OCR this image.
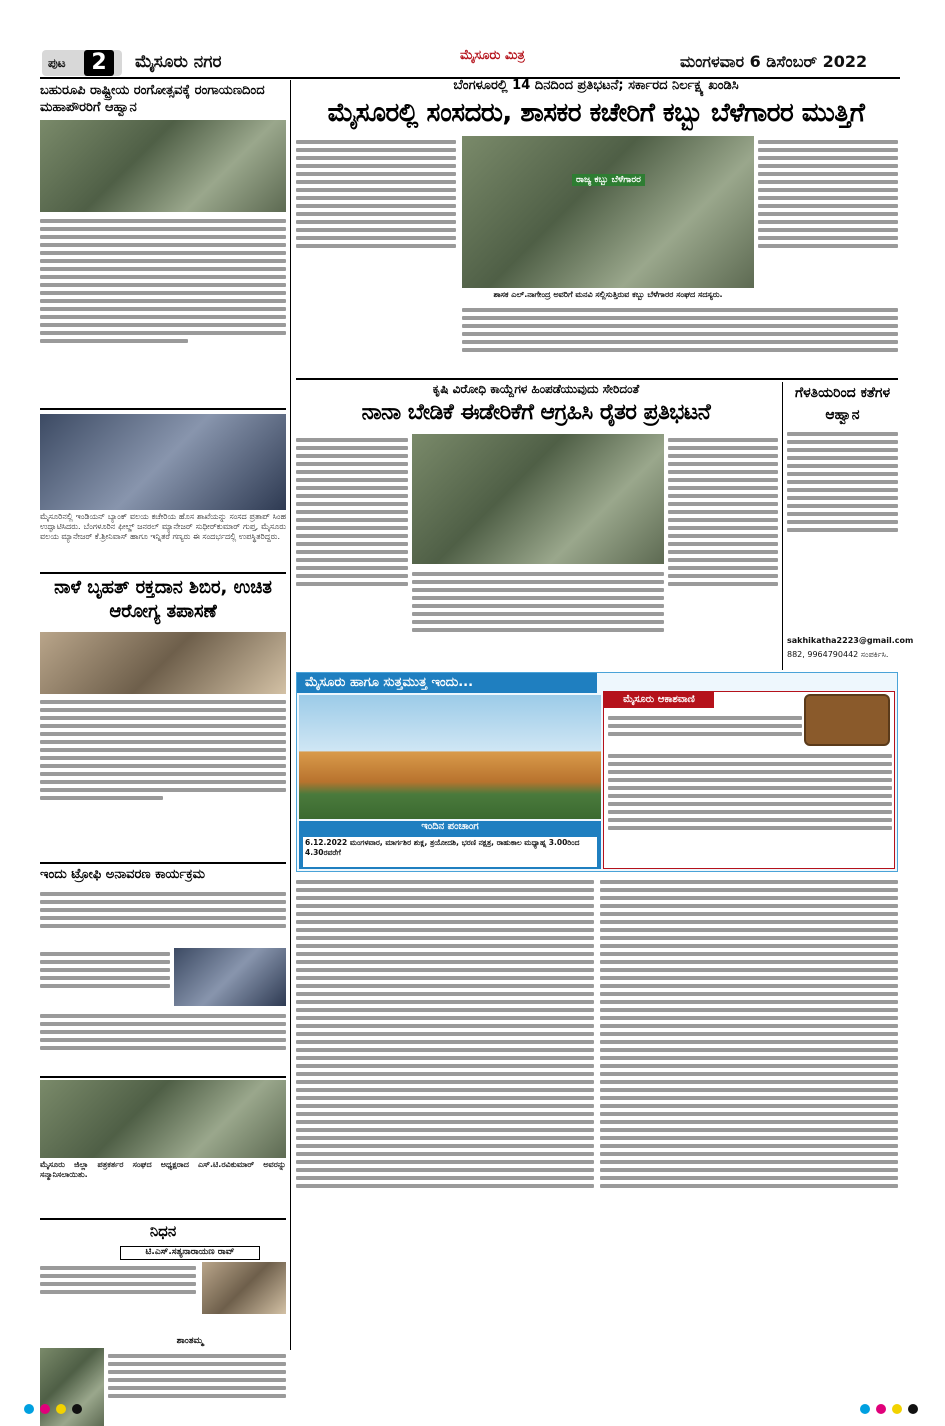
ಪುಟ	2	ಮೈಸೂರು ನಗರ	ಮೈಸೂರು ಮಿತ್ರ	ಮಂಗಳವಾರ 6 ಡಿಸೆಂಬರ್ 2022
ಬಹುರೂಪಿ ರಾಷ್ಟ್ರೀಯ ರಂಗೋತ್ಸವಕ್ಕೆ ರಂಗಾಯಣದಿಂದ ಮಹಾಪೌರರಿಗೆ ಆಹ್ವಾನ
ಮೈಸೂರಿನಲ್ಲಿ ಇಂಡಿಯನ್ ಬ್ಯಾಂಕ್ ವಲಯ ಕಚೇರಿಯ ಹೊಸ ಶಾಖೆಯನ್ನು ಸಂಸದ ಪ್ರತಾಪ್ ಸಿಂಹ ಉದ್ಘಾಟಿಸಿದರು. ಬೆಂಗಳೂರಿನ ಫೀಲ್ಡ್ ಜನರಲ್ ಮ್ಯಾನೇಜರ್ ಸುಧೀರ್‌ಕುಮಾರ್ ಗುಪ್ತ, ಮೈಸೂರು ವಲಯ ಮ್ಯಾನೇಜರ್ ಕೆ.ಶ್ರೀನಿವಾಸ್ ಹಾಗೂ ಇನ್ನಿತರೆ ಗಣ್ಯರು ಈ ಸಂದರ್ಭದಲ್ಲಿ ಉಪಸ್ಥಿತರಿದ್ದರು.
ನಾಳೆ ಬೃಹತ್ ರಕ್ತದಾನ ಶಿಬಿರ, ಉಚಿತ ಆರೋಗ್ಯ ತಪಾಸಣೆ
ಇಂದು ಟ್ರೋಫಿ ಅನಾವರಣ ಕಾರ್ಯಕ್ರಮ
ಮೈಸೂರು ಜಿಲ್ಲಾ ಪತ್ರಕರ್ತರ ಸಂಘದ ಅಧ್ಯಕ್ಷರಾದ ಎಸ್.ಟಿ.ರವಿಕುಮಾರ್ ಅವರನ್ನು ಸನ್ಮಾನಿಸಲಾಯಿತು.
ನಿಧನ
ಟಿ.ಎಸ್.ಸತ್ಯನಾರಾಯಣ ರಾವ್
ಶಾಂತಮ್ಮ
ಬೆಂಗಳೂರಲ್ಲಿ 14 ದಿನದಿಂದ ಪ್ರತಿಭಟನೆ; ಸರ್ಕಾರದ ನಿರ್ಲಕ್ಷ್ಯ ಖಂಡಿಸಿ
ಮೈಸೂರಲ್ಲಿ ಸಂಸದರು, ಶಾಸಕರ ಕಚೇರಿಗೆ ಕಬ್ಬು ಬೆಳೆಗಾರರ ಮುತ್ತಿಗೆ
ರಾಜ್ಯ ಕಬ್ಬು ಬೆಳೆಗಾರರ
ಶಾಸಕ ಎಲ್.ನಾಗೇಂದ್ರ ಅವರಿಗೆ ಮನವಿ ಸಲ್ಲಿಸುತ್ತಿರುವ ಕಬ್ಬು ಬೆಳೆಗಾರರ ಸಂಘದ ಸದಸ್ಯರು.
ಕೃಷಿ ವಿರೋಧಿ ಕಾಯ್ದೆಗಳ ಹಿಂಪಡೆಯುವುದು ಸೇರಿದಂತೆ
ನಾನಾ ಬೇಡಿಕೆ ಈಡೇರಿಕೆಗೆ ಆಗ್ರಹಿಸಿ ರೈತರ ಪ್ರತಿಭಟನೆ
ಗೆಳತಿಯರಿಂದ ಕತೆಗಳ ಆಹ್ವಾನ
sakhikatha2223@gmail.com
882, 9964790442 ಸಂಪರ್ಕಿಸಿ.
ಮೈಸೂರು ಹಾಗೂ ಸುತ್ತಮುತ್ತ ಇಂದು...
ಇಂದಿನ ಪಂಚಾಂಗ
6.12.2022 ಮಂಗಳವಾರ, ಮಾರ್ಗಶಿರ ಶುಕ್ಲ, ತ್ರಯೋದಶಿ, ಭರಣಿ ನಕ್ಷತ್ರ, ರಾಹುಕಾಲ ಮಧ್ಯಾಹ್ನ 3.00ರಿಂದ 4.30ರವರೆಗೆ
ಮೈಸೂರು ಆಕಾಶವಾಣಿ
